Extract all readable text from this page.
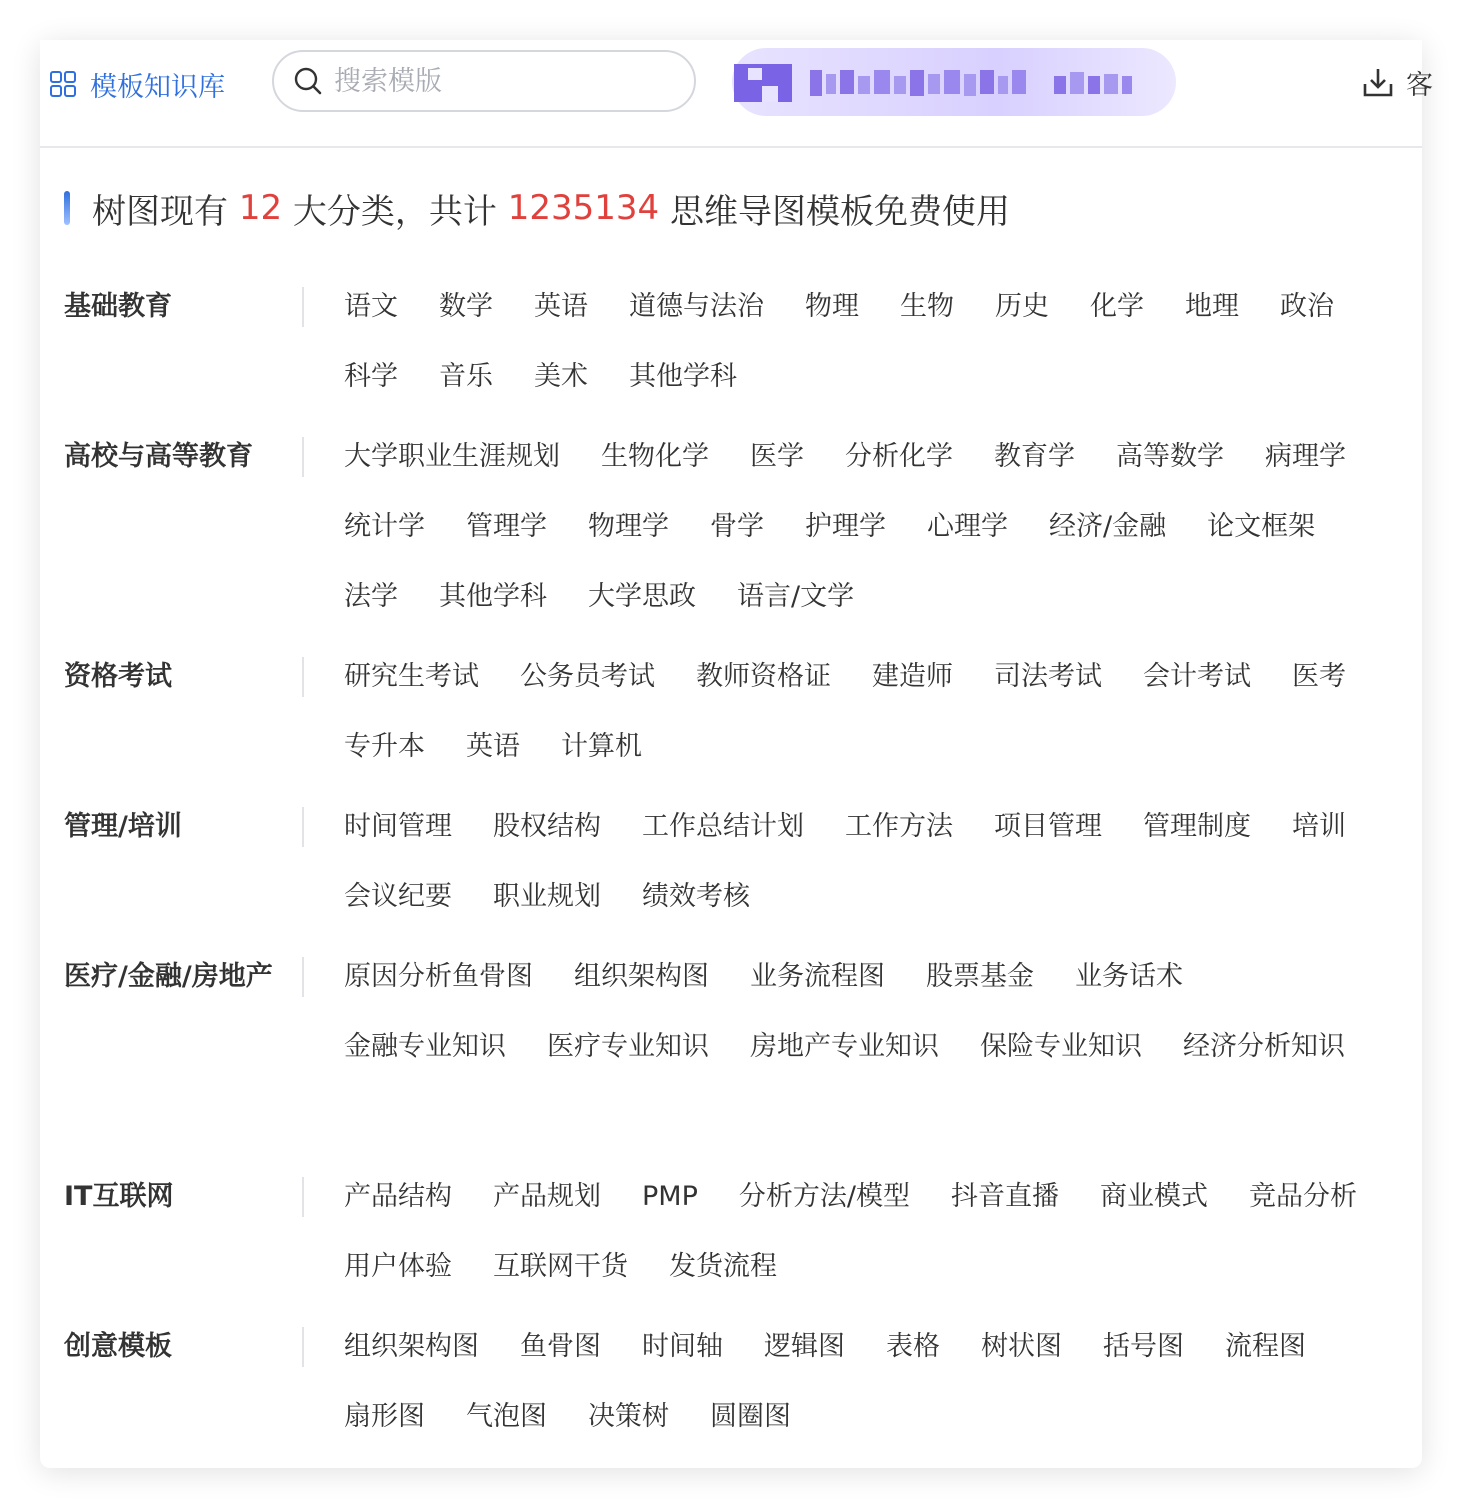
模板知识库
搜索模版	客
树图现有 12 大分类，共计 1235134 思维导图模板免费使用
基础教育	语文 数学 英语 道德与法治 物理 生物 历史 化学 地理 政治
科学 音乐 美术 其他学科
高校与高等教育	大学职业生涯规划 生物化学 医学 分析化学 教育学 高等数学 病理学
统计学 管理学 物理学 骨学 护理学 心理学 经济/金融 论文框架
法学 其他学科 大学思政 语言/文学
资格考试	研究生考试 公务员考试 教师资格证 建造师 司法考试 会计考试 医考
专升本 英语 计算机
管理/培训	时间管理 股权结构 工作总结计划 工作方法 项目管理 管理制度 培训
会议纪要 职业规划 绩效考核
医疗/金融/房地产	原因分析鱼骨图 组织架构图 业务流程图 股票基金 业务话术
金融专业知识 医疗专业知识 房地产专业知识 保险专业知识 经济分析知识
IT互联网	产品结构 产品规划 PMP 分析方法/模型 抖音直播 商业模式 竞品分析
用户体验 互联网干货 发货流程
创意模板	组织架构图 鱼骨图 时间轴 逻辑图 表格 树状图 括号图 流程图
扇形图 气泡图 决策树 圆圈图
